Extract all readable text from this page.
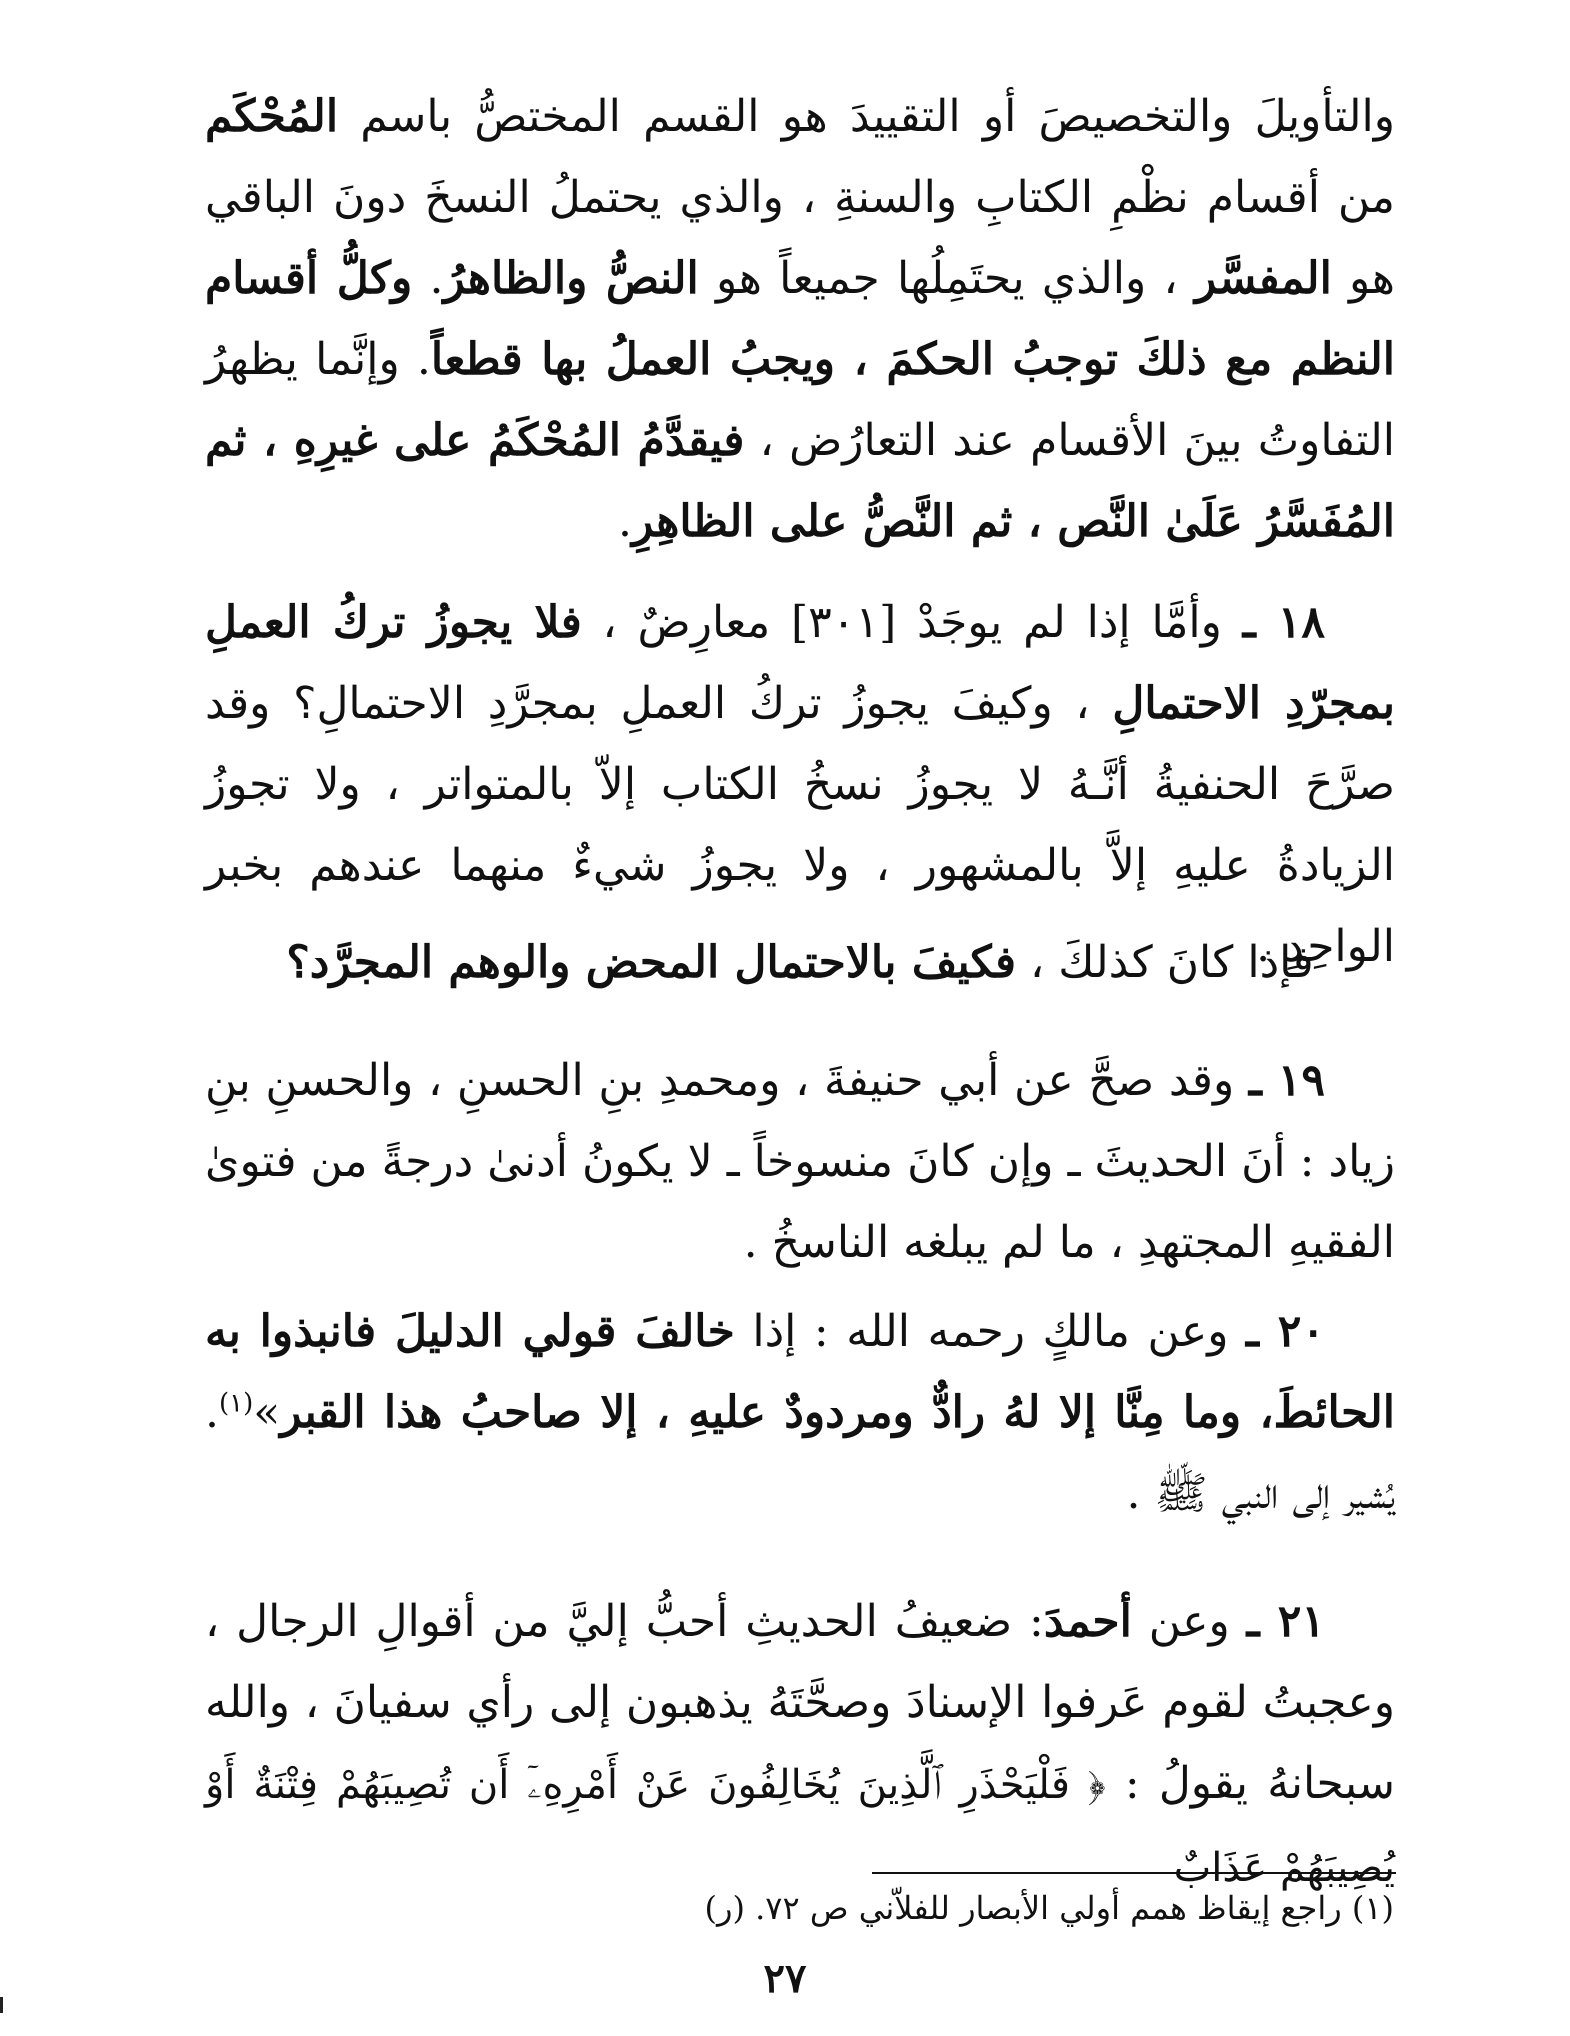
والتأويلَ والتخصيصَ أو التقييدَ هو القسم المختصُّ باسم المُحْكَم من أقسام نظْمِ الكتابِ والسنةِ ، والذي يحتملُ النسخَ دونَ الباقي هو المفسَّر ، والذي يحتَمِلُها جميعاً هو النصُّ والظاهرُ. وكلُّ أقسام النظم مع ذلكَ توجبُ الحكمَ ، ويجبُ العملُ بها قطعاً. وإنَّما يظهرُ التفاوتُ بينَ الأقسام عند التعارُض ، فيقدَّمُ المُحْكَمُ على غيرِهِ ، ثم المُفَسَّرُ عَلَىٰ النَّص ، ثم النَّصُّ على الظاهِرِ.

١٨ ـ وأمَّا إذا لم يوجَدْ [٣٠١] معارِضٌ ، فلا يجوزُ تركُ العملِ بمجرّدِ الاحتمالِ ، وكيفَ يجوزُ تركُ العملِ بمجرَّدِ الاحتمالِ؟ وقد صرَّحَ الحنفيةُ أنَّـهُ لا يجوزُ نسخُ الكتاب إلاّ بالمتواتر ، ولا تجوزُ الزيادةُ عليهِ إلاَّ بالمشهور ، ولا يجوزُ شيءٌ منهما عندهم بخبر الواحِدِ .

فإذا كانَ كذلكَ ، فكيفَ بالاحتمال المحض والوهم المجرَّد؟

١٩ ـ وقد صحَّ عن أبي حنيفةَ ، ومحمدِ بنِ الحسنِ ، والحسنِ بنِ زياد : أنَ الحديثَ ـ وإن كانَ منسوخاً ـ لا يكونُ أدنىٰ درجةً من فتوىٰ الفقيهِ المجتهدِ ، ما لم يبلغه الناسخُ .

٢٠ ـ وعن مالكٍ رحمه الله : إذا خالفَ قولي الدليلَ فانبذوا به الحائطَ، وما مِنَّا إلا لهُ رادٌّ ومردودٌ عليهِ ، إلا صاحبُ هذا القبر»$^{(١)}$. يُشير إلى النبي ﷺ .

٢١ ـ وعن أحمدَ: ضعيفُ الحديثِ أحبُّ إليَّ من أقوالِ الرجال ، وعجبتُ لقوم عَرفوا الإسنادَ وصحَّتَهُ يذهبون إلى رأي سفيانَ ، والله سبحانهُ يقولُ : ﴿ فَلْيَحْذَرِ ٱلَّذِينَ يُخَالِفُونَ عَنْ أَمْرِهِۦٓ أَن تُصِيبَهُمْ فِتْنَةٌ أَوْ يُصِيبَهُمْ عَذَابٌ

(١) راجع إيقاظ همم أولي الأبصار للفلاّني ص ٧٢. (ر)
٢٧
